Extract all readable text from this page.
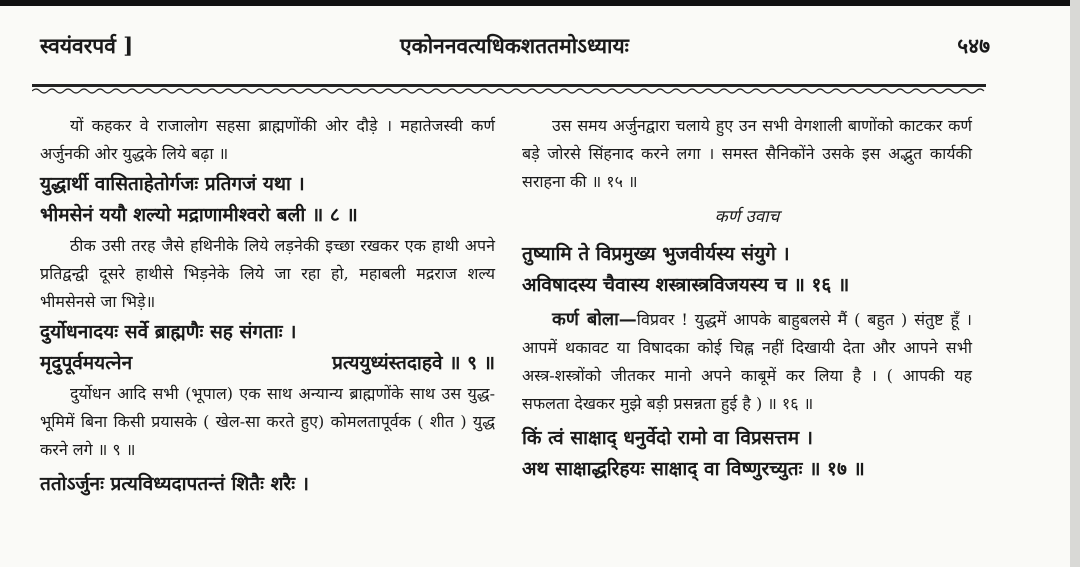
स्वयंवरपर्व ]	एकोननवत्यधिकशततमोऽध्यायः	५४७

यों कहकर वे राजालोग सहसा ब्राह्मणोंकी ओर दौड़े । महातेजस्वी कर्ण अर्जुनकी ओर युद्धके लिये बढ़ा ॥

युद्धार्थी वासिताहेतोर्गजः प्रतिगजं यथा ।
भीमसेनं ययौ शल्यो मद्राणामीश्वरो बली ॥ ८ ॥

ठीक उसी तरह जैसे हथिनीके लिये लड़नेकी इच्छा रखकर एक हाथी अपने प्रतिद्वन्द्वी दूसरे हाथीसे भिड़नेके लिये जा रहा हो, महाबली मद्रराज शल्य भीमसेनसे जा भिड़े॥

दुर्योधनादयः सर्वे ब्राह्मणैः सह संगताः ।
मृदुपूर्वमयत्नेन	प्रत्ययुध्यंस्तदाहवे ॥ ९ ॥

दुर्योधन आदि सभी (भूपाल) एक साथ अन्यान्य ब्राह्मणोंके साथ उस युद्ध-भूमिमें बिना किसी प्रयासके ( खेल-सा करते हुए) कोमलतापूर्वक ( शीत ) युद्ध करने लगे ॥ ९ ॥

ततोऽर्जुनः प्रत्यविध्यदापतन्तं शितैः शरैः ।

उस समय अर्जुनद्वारा चलाये हुए उन सभी वेगशाली बाणोंको काटकर कर्ण बड़े जोरसे सिंहनाद करने लगा । समस्त सैनिकोंने उसके इस अद्भुत कार्यकी सराहना की ॥ १५ ॥

कर्ण उवाच
तुष्यामि ते विप्रमुख्य भुजवीर्यस्य संयुगे ।
अविषादस्य चैवास्य शस्त्रास्त्रविजयस्य च ॥ १६ ॥

कर्ण बोला—विप्रवर ! युद्धमें आपके बाहुबलसे मैं ( बहुत ) संतुष्ट हूँ । आपमें थकावट या विषादका कोई चिह्न नहीं दिखायी देता और आपने सभी अस्त्र-शस्त्रोंको जीतकर मानो अपने काबूमें कर लिया है । ( आपकी यह सफलता देखकर मुझे बड़ी प्रसन्नता हुई है ) ॥ १६ ॥

किं त्वं साक्षाद् धनुर्वेदो रामो वा विप्रसत्तम ।
अथ साक्षाद्धरिहयः साक्षाद् वा विष्णुरच्युतः ॥ १७ ॥
